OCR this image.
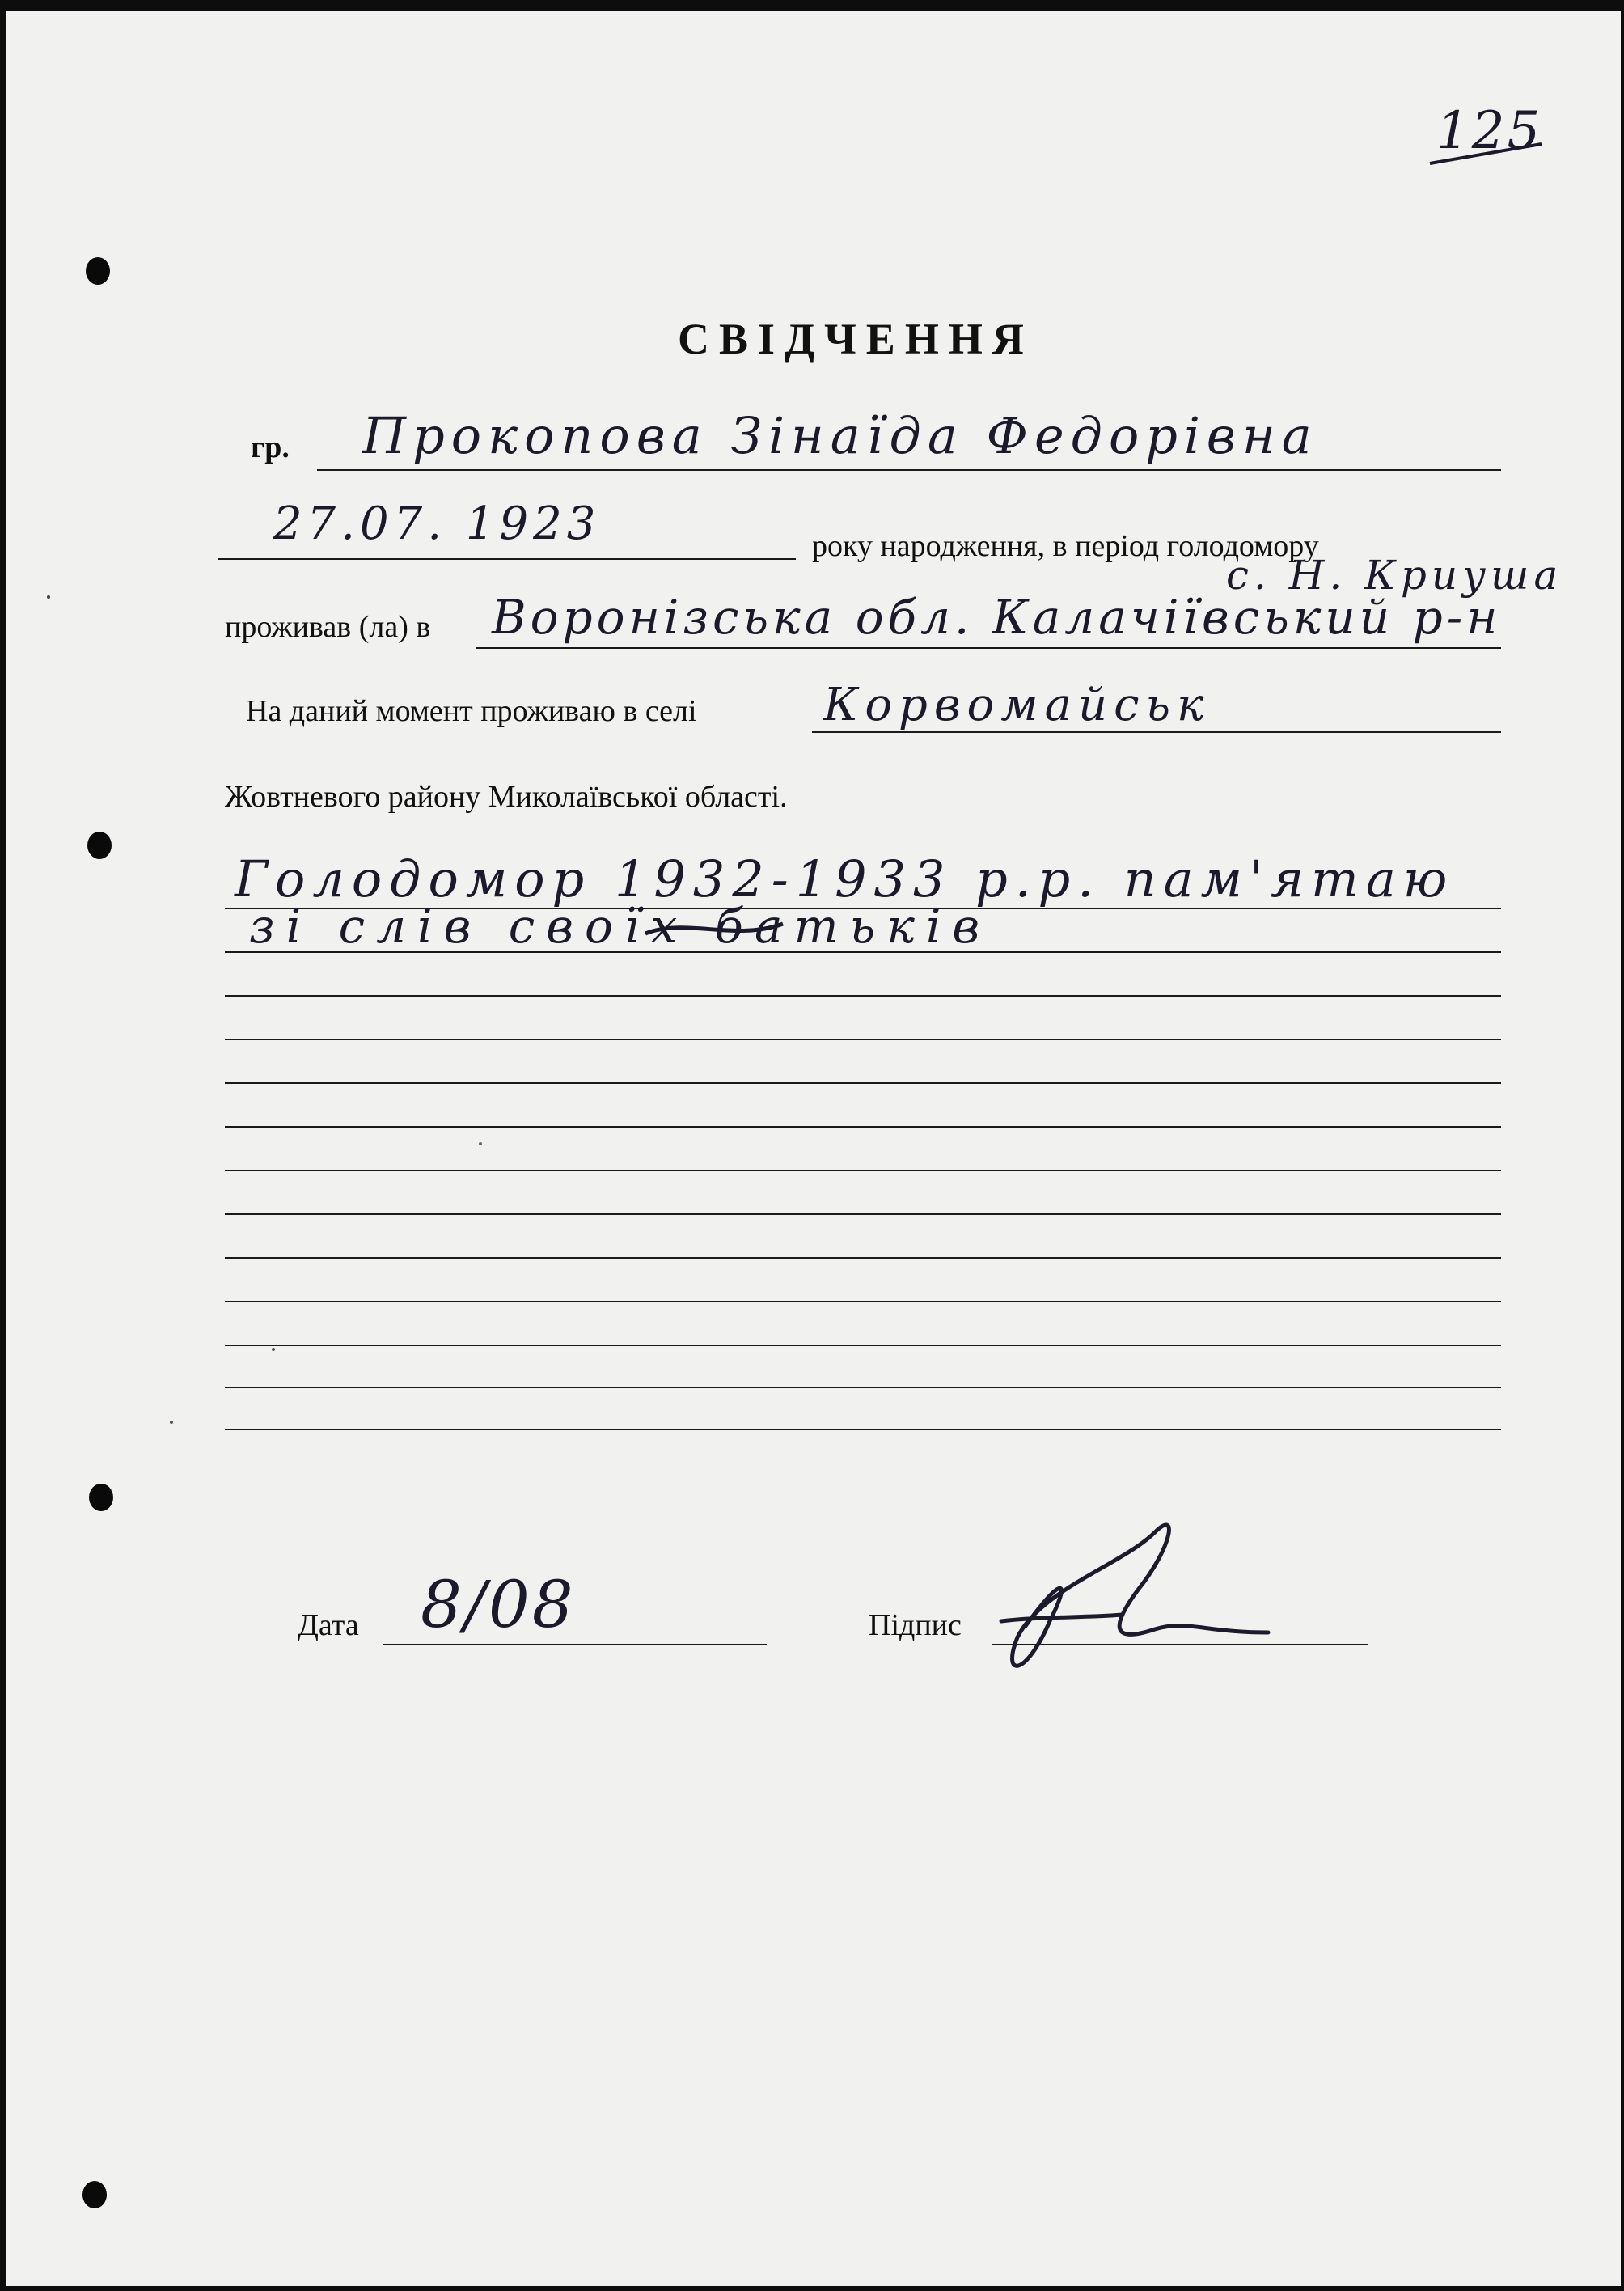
125
СВІДЧЕННЯ
гр. Прокопова Зінаїда Федорівна
27.07. 1923	року народження, в період голодомору
с. Н. Криуша
проживав (ла) в Воронізська обл. Калачіївський р-н
На даний момент проживаю в селі	Корвомайськ
Жовтневого району Миколаївської області.
Голодомор 1932-1933 р.р. пам'ятаю
зі слів своїх батьків
Дата 8/08	Підпис
